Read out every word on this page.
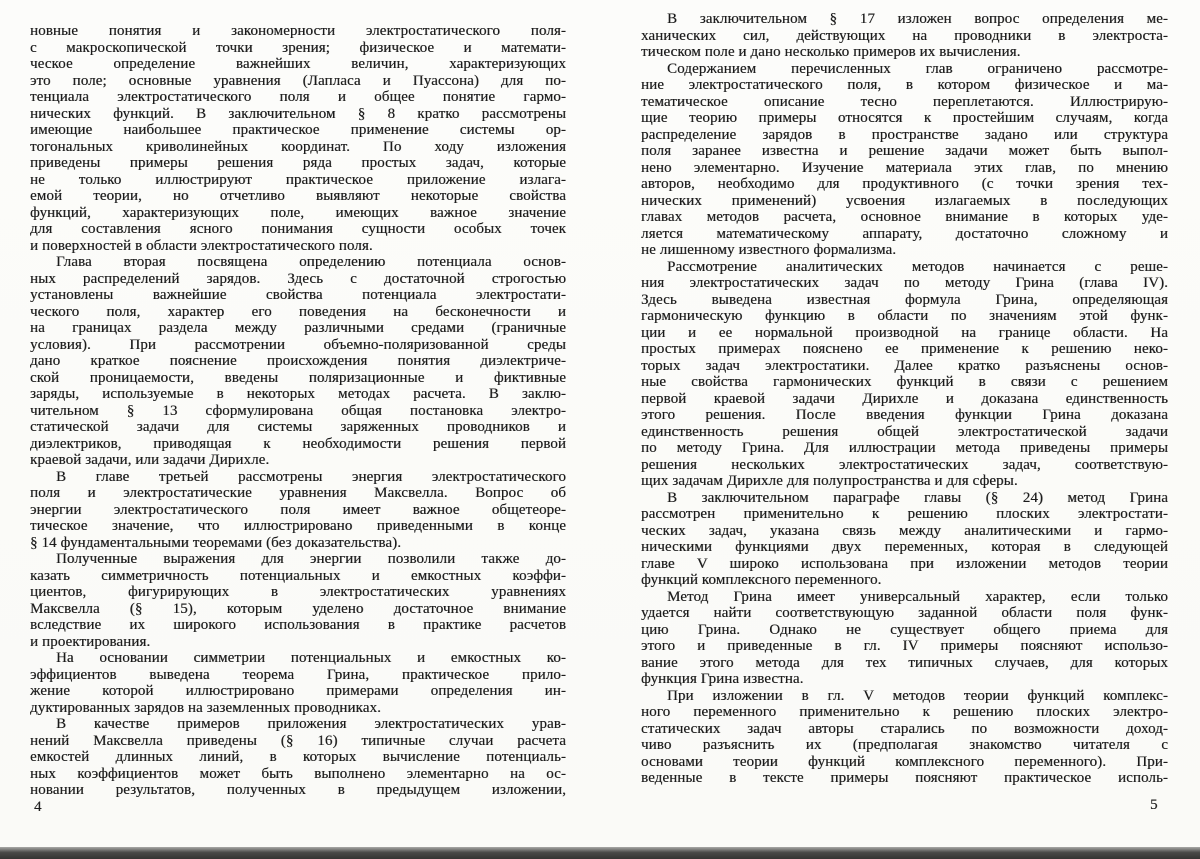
новные понятия и закономерности электростатического поля-
с макроскопической точки зрения; физическое и математи-
ческое определение важнейших величин, характеризующих
это поле; основные уравнения (Лапласа и Пуассона) для по-
тенциала электростатического поля и общее понятие гармо-
нических функций. В заключительном § 8 кратко рассмотрены
имеющие наибольшее практическое применение системы ор-
тогональных криволинейных координат. По ходу изложения
приведены примеры решения ряда простых задач, которые
не только иллюстрируют практическое приложение излага-
емой теории, но отчетливо выявляют некоторые свойства
функций, характеризующих поле, имеющих важное значение
для составления ясного понимания сущности особых точек
и поверхностей в области электростатического поля.
Глава вторая посвящена определению потенциала основ-
ных распределений зарядов. Здесь с достаточной строгостью
установлены важнейшие свойства потенциала электростати-
ческого поля, характер его поведения на бесконечности и
на границах раздела между различными средами (граничные
условия). При рассмотрении объемно-поляризованной среды
дано краткое пояснение происхождения понятия диэлектриче-
ской проницаемости, введены поляризационные и фиктивные
заряды, используемые в некоторых методах расчета. В заклю-
чительном § 13 сформулирована общая постановка электро-
статической задачи для системы заряженных проводников и
диэлектриков, приводящая к необходимости решения первой
краевой задачи, или задачи Дирихле.
В главе третьей рассмотрены энергия электростатического
поля и электростатические уравнения Максвелла. Вопрос об
энергии электростатического поля имеет важное общетеоре-
тическое значение, что иллюстрировано приведенными в конце
§ 14 фундаментальными теоремами (без доказательства).
Полученные выражения для энергии позволили также до-
казать симметричность потенциальных и емкостных коэффи-
циентов, фигурирующих в электростатических уравнениях
Максвелла (§ 15), которым уделено достаточное внимание
вследствие их широкого использования в практике расчетов
и проектирования.
На основании симметрии потенциальных и емкостных ко-
эффициентов выведена теорема Грина, практическое прило-
жение которой иллюстрировано примерами определения ин-
дуктированных зарядов на заземленных проводниках.
В качестве примеров приложения электростатических урав-
нений Максвелла приведены (§ 16) типичные случаи расчета
емкостей длинных линий, в которых вычисление потенциаль-
ных коэффициентов может быть выполнено элементарно на ос-
новании результатов, полученных в предыдущем изложении,
В заключительном § 17 изложен вопрос определения ме-
ханических сил, действующих на проводники в электроста-
тическом поле и дано несколько примеров их вычисления.
Содержанием перечисленных глав ограничено рассмотре-
ние электростатического поля, в котором физическое и ма-
тематическое описание тесно переплетаются. Иллюстрирую-
щие теорию примеры относятся к простейшим случаям, когда
распределение зарядов в пространстве задано или структура
поля заранее известна и решение задачи может быть выпол-
нено элементарно. Изучение материала этих глав, по мнению
авторов, необходимо для продуктивного (с точки зрения тех-
нических применений) усвоения излагаемых в последующих
главах методов расчета, основное внимание в которых уде-
ляется математическому аппарату, достаточно сложному и
не лишенному известного формализма.
Рассмотрение аналитических методов начинается с реше-
ния электростатических задач по методу Грина (глава IV).
Здесь выведена известная формула Грина, определяющая
гармоническую функцию в области по значениям этой функ-
ции и ее нормальной производной на границе области. На
простых примерах пояснено ее применение к решению неко-
торых задач электростатики. Далее кратко разъяснены основ-
ные свойства гармонических функций в связи с решением
первой краевой задачи Дирихле и доказана единственность
этого решения. После введения функции Грина доказана
единственность решения общей электростатической задачи
по методу Грина. Для иллюстрации метода приведены примеры
решения нескольких электростатических задач, соответствую-
щих задачам Дирихле для полупространства и для сферы.
В заключительном параграфе главы (§ 24) метод Грина
рассмотрен применительно к решению плоских электростати-
ческих задач, указана связь между аналитическими и гармо-
ническими функциями двух переменных, которая в следующей
главе V широко использована при изложении методов теории
функций комплексного переменного.
Метод Грина имеет универсальный характер, если только
удается найти соответствующую заданной области поля функ-
цию Грина. Однако не существует общего приема для
этого и приведенные в гл. IV примеры поясняют использо-
вание этого метода для тех типичных случаев, для которых
функция Грина известна.
При изложении в гл. V методов теории функций комплекс-
ного переменного применительно к решению плоских электро-
статических задач авторы старались по возможности доход-
чиво разъяснить их (предполагая знакомство читателя с
основами теории функций комплексного переменного). При-
веденные в тексте примеры поясняют практическое исполь-
4	5
